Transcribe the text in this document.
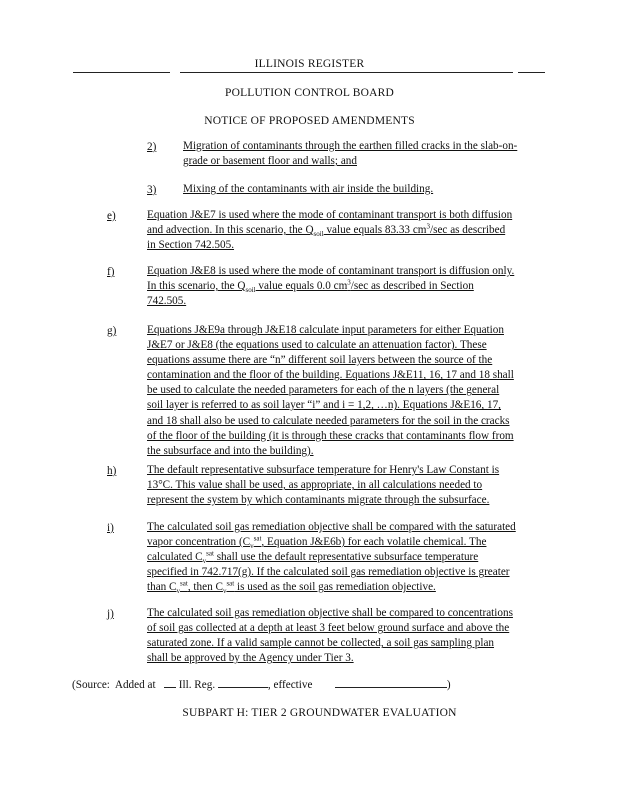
ILLINOIS REGISTER
POLLUTION CONTROL BOARD
NOTICE OF PROPOSED AMENDMENTS
2) Migration of contaminants through the earthen filled cracks in the slab-on-
grade or basement floor and walls; and
3) Mixing of the contaminants with air inside the building.
e)	Equation J&E7 is used where the mode of contaminant transport is both diffusion
and advection. In this scenario, the $Q_{soil}$ value equals 83.33 $cm^3/\sec$ as described
in Section 742.505.
f)	Equation J&E8 is used where the mode of contaminant transport is diffusion only.
In this scenario, the $Q_{soil}$ value equals 0.0 $cm^3/\sec$ as described in Section
742.505.
g)	Equations J&E9a through J&E18 calculate input parameters for either Equation
J&E7 or J&E8 (the equations used to calculate an attenuation factor). These
equations assume there are “n” different soil layers between the source of the
contamination and the floor of the building. Equations J&E11, 16, 17 and 18 shall
be used to calculate the needed parameters for each of the n layers (the general
soil layer is referred to as soil layer “i” and i = 1,2, …n). Equations J&E16, 17,
and 18 shall also be used to calculate needed parameters for the soil in the cracks
of the floor of the building (it is through these cracks that contaminants flow from
the subsurface and into the building).
h)	The default representative subsurface temperature for Henry's Law Constant is
13°C. This value shall be used, as appropriate, in all calculations needed to
represent the system by which contaminants migrate through the subsurface.
i)	The calculated soil gas remediation objective shall be compared with the saturated
vapor concentration ($C_v^{sat}$, Equation J&E6b) for each volatile chemical. The
calculated $C_v^{sat}$ shall use the default representative subsurface temperature
specified in 742.717(g). If the calculated soil gas remediation objective is greater
than $C_v^{sat}$, then $C_v^{sat}$ is used as the soil gas remediation objective.
j)	The calculated soil gas remediation objective shall be compared to concentrations
of soil gas collected at a depth at least 3 feet below ground surface and above the
saturated zone. If a valid sample cannot be collected, a soil gas sampling plan
shall be approved by the Agency under Tier 3.
(Source:  Added at Ill. Reg.	, effective	)
SUBPART H: TIER 2 GROUNDWATER EVALUATION
